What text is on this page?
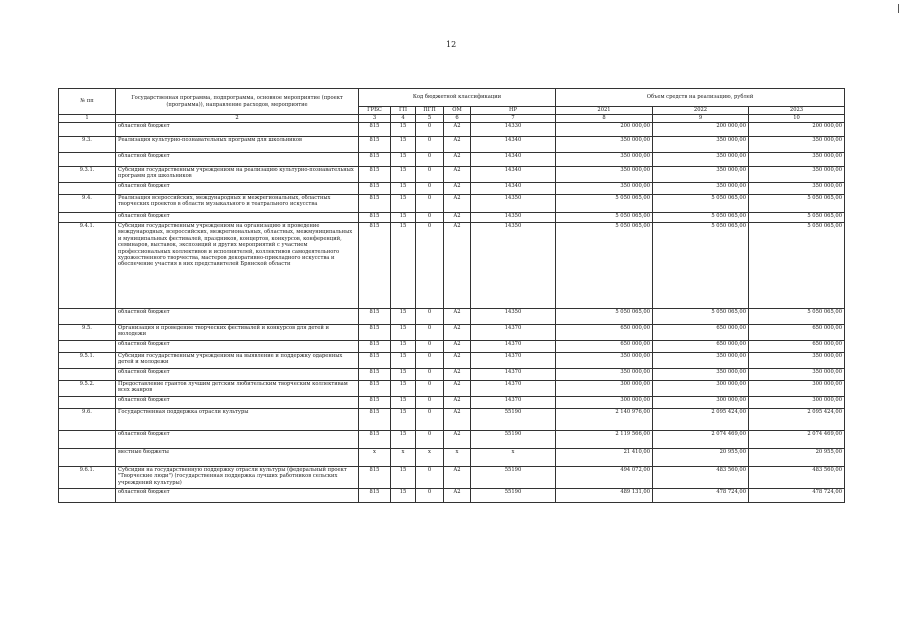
12
№ пп	Государственная программа, подпрограмма, основное мероприятие (проект (программа)), направление расходов, мероприятие	Код бюджетной классификации					Объем средств на реализацию, рублей		
		ГРБС	ГП	ПГП	ОМ	НР	2021	2022	2023
1	2	3	4	5	6	7	8	9	10
	областной бюджет	815	15	0	А2	14330	200 000,00	200 000,00	200 000,00
9.3.	Реализация культурно-познавательных программ для школьников	815	15	0	А2	14340	350 000,00	350 000,00	350 000,00
	областной бюджет	815	15	0	А2	14340	350 000,00	350 000,00	350 000,00
9.3.1.	Субсидии государственным учреждениям на реализацию культурно-познавательных программ для школьников	815	15	0	А2	14340	350 000,00	350 000,00	350 000,00
	областной бюджет	815	15	0	А2	14340	350 000,00	350 000,00	350 000,00
9.4.	Реализация всероссийских, международных и межрегиональных, областных творческих проектов в области музыкального и театрального искусства	815	15	0	А2	14350	5 050 065,00	5 050 065,00	5 050 065,00
	областной бюджет	815	15	0	А2	14350	5 050 065,00	5 050 065,00	5 050 065,00
9.4.1.	Субсидии государственным учреждениям на организацию и проведение международных, всероссийских, межрегиональных, областных, межмуниципальных и муниципальных фестивалей, праздников, концертов, конкурсов, конференций, семинаров, выставок, экспозиций и других мероприятий с участием профессиональных коллективов и исполнителей, коллективов самодеятельного художественного творчества, мастеров декоративно-прикладного искусства и обеспечение участия в них представителей Брянской области	815	15	0	А2	14350	5 050 065,00	5 050 065,00	5 050 065,00
	областной бюджет	815	15	0	А2	14350	5 050 065,00	5 050 065,00	5 050 065,00
9.5.	Организация и проведение творческих фестивалей и конкурсов для детей и молодежи	815	15	0	А2	14370	650 000,00	650 000,00	650 000,00
	областной бюджет	815	15	0	А2	14370	650 000,00	650 000,00	650 000,00
9.5.1.	Субсидии государственным учреждениям на выявление и поддержку одаренных детей и молодежи	815	15	0	А2	14370	350 000,00	350 000,00	350 000,00
	областной бюджет	815	15	0	А2	14370	350 000,00	350 000,00	350 000,00
9.5.2.	Предоставление грантов лучшим детским любительским творческим коллективам всех жанров	815	15	0	А2	14370	300 000,00	300 000,00	300 000,00
	областной бюджет	815	15	0	А2	14370	300 000,00	300 000,00	300 000,00
9.6.	Государственная поддержка отрасли культуры	815	15	0	А2	55190	2 140 976,00	2 095 424,00	2 095 424,00
	областной бюджет	815	15	0	А2	55190	2 119 566,00	2 074 469,00	2 074 469,00
	местные бюджеты	x	x	x	x	x	21 410,00	20 955,00	20 955,00
9.6.1.	Субсидии на государственную поддержку отрасли культуры (федеральный проект "Творческие люди") (государственная поддержка лучших работников сельских учреждений культуры)	815	15	0	А2	55190	494 072,00	483 560,00	483 560,00
	областной бюджет	815	15	0	А2	55190	489 131,00	478 724,00	478 724,00
